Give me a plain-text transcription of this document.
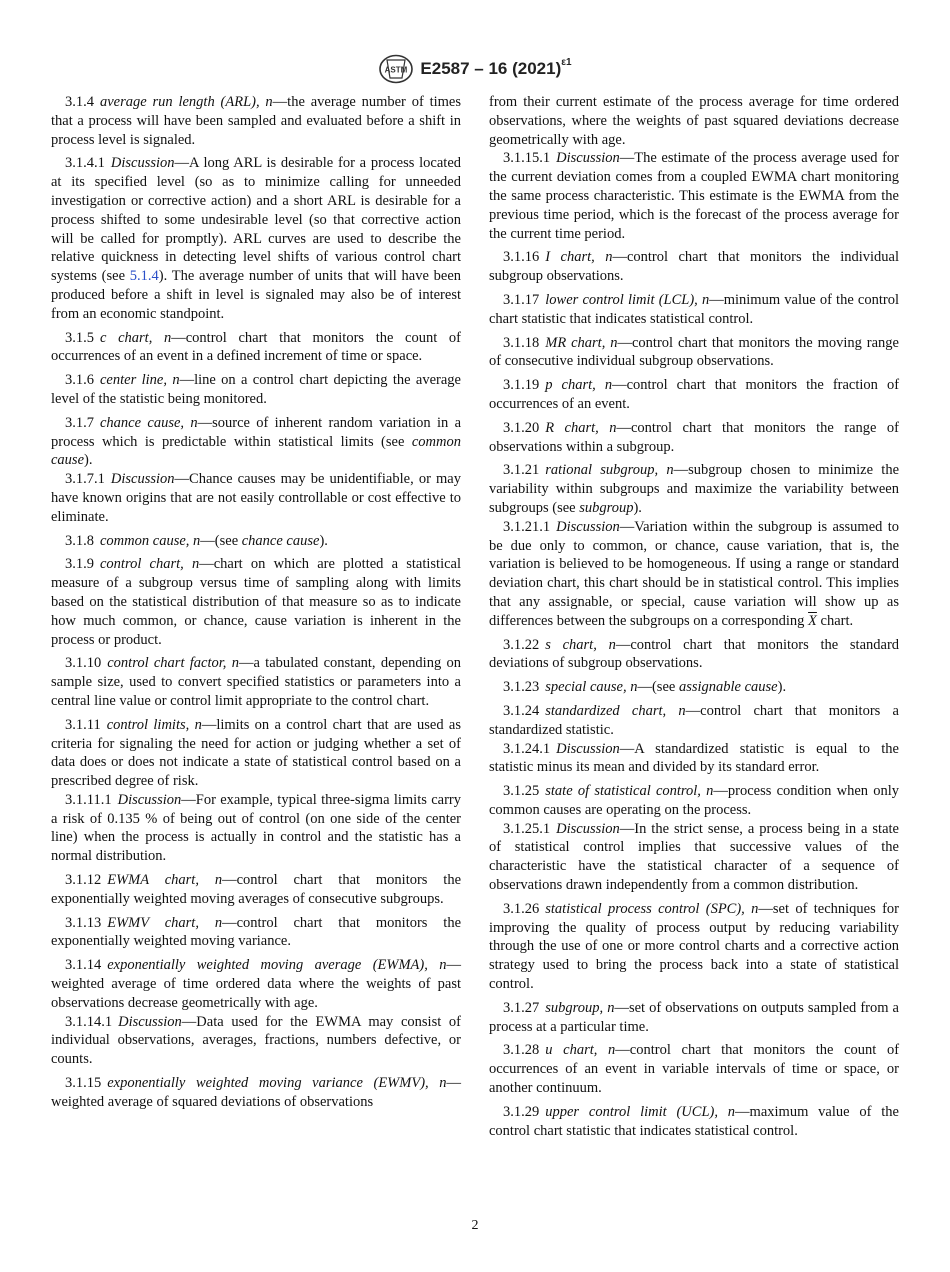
ASTM E2587 – 16 $(2021)^{\varepsilon 1}$

3.1.4 average run length (ARL), n—the average number of times that a process will have been sampled and evaluated before a shift in process level is signaled.

3.1.4.1 Discussion—A long ARL is desirable for a process located at its specified level (so as to minimize calling for unneeded investigation or corrective action) and a short ARL is desirable for a process shifted to some undesirable level (so that corrective action will be called for promptly). ARL curves are used to describe the relative quickness in detecting level shifts of various control chart systems (see 5.1.4). The average number of units that will have been produced before a shift in level is signaled may also be of interest from an economic standpoint.

3.1.5 c chart, n—control chart that monitors the count of occurrences of an event in a defined increment of time or space.

3.1.6 center line, n—line on a control chart depicting the average level of the statistic being monitored.

3.1.7 chance cause, n—source of inherent random variation in a process which is predictable within statistical limits (see common cause).

3.1.7.1 Discussion—Chance causes may be unidentifiable, or may have known origins that are not easily controllable or cost effective to eliminate.

3.1.8 common cause, n—(see chance cause).

3.1.9 control chart, n—chart on which are plotted a statistical measure of a subgroup versus time of sampling along with limits based on the statistical distribution of that measure so as to indicate how much common, or chance, cause variation is inherent in the process or product.

3.1.10 control chart factor, n—a tabulated constant, depending on sample size, used to convert specified statistics or parameters into a central line value or control limit appropriate to the control chart.

3.1.11 control limits, n—limits on a control chart that are used as criteria for signaling the need for action or judging whether a set of data does or does not indicate a state of statistical control based on a prescribed degree of risk.

3.1.11.1 Discussion—For example, typical three-sigma limits carry a risk of 0.135 % of being out of control (on one side of the center line) when the process is actually in control and the statistic has a normal distribution.

3.1.12 EWMA chart, n—control chart that monitors the exponentially weighted moving averages of consecutive subgroups.

3.1.13 EWMV chart, n—control chart that monitors the exponentially weighted moving variance.

3.1.14 exponentially weighted moving average (EWMA), n—weighted average of time ordered data where the weights of past observations decrease geometrically with age.

3.1.14.1 Discussion—Data used for the EWMA may consist of individual observations, averages, fractions, numbers defective, or counts.

3.1.15 exponentially weighted moving variance (EWMV), n—weighted average of squared deviations of observations

from their current estimate of the process average for time ordered observations, where the weights of past squared deviations decrease geometrically with age.

3.1.15.1 Discussion—The estimate of the process average used for the current deviation comes from a coupled EWMA chart monitoring the same process characteristic. This estimate is the EWMA from the previous time period, which is the forecast of the process average for the current time period.

3.1.16 I chart, n—control chart that monitors the individual subgroup observations.

3.1.17 lower control limit (LCL), n—minimum value of the control chart statistic that indicates statistical control.

3.1.18 MR chart, n—control chart that monitors the moving range of consecutive individual subgroup observations.

3.1.19 p chart, n—control chart that monitors the fraction of occurrences of an event.

3.1.20 R chart, n—control chart that monitors the range of observations within a subgroup.

3.1.21 rational subgroup, n—subgroup chosen to minimize the variability within subgroups and maximize the variability between subgroups (see subgroup).

3.1.21.1 Discussion—Variation within the subgroup is assumed to be due only to common, or chance, cause variation, that is, the variation is believed to be homogeneous. If using a range or standard deviation chart, this chart should be in statistical control. This implies that any assignable, or special, cause variation will show up as differences between the subgroups on a corresponding $\overline{X}$ chart.

3.1.22 s chart, n—control chart that monitors the standard deviations of subgroup observations.

3.1.23 special cause, n—(see assignable cause).

3.1.24 standardized chart, n—control chart that monitors a standardized statistic.

3.1.24.1 Discussion—A standardized statistic is equal to the statistic minus its mean and divided by its standard error.

3.1.25 state of statistical control, n—process condition when only common causes are operating on the process.

3.1.25.1 Discussion—In the strict sense, a process being in a state of statistical control implies that successive values of the characteristic have the statistical character of a sequence of observations drawn independently from a common distribution.

3.1.26 statistical process control (SPC), n—set of techniques for improving the quality of process output by reducing variability through the use of one or more control charts and a corrective action strategy used to bring the process back into a state of statistical control.

3.1.27 subgroup, n—set of observations on outputs sampled from a process at a particular time.

3.1.28 u chart, n—control chart that monitors the count of occurrences of an event in variable intervals of time or space, or another continuum.

3.1.29 upper control limit (UCL), n—maximum value of the control chart statistic that indicates statistical control.

2
